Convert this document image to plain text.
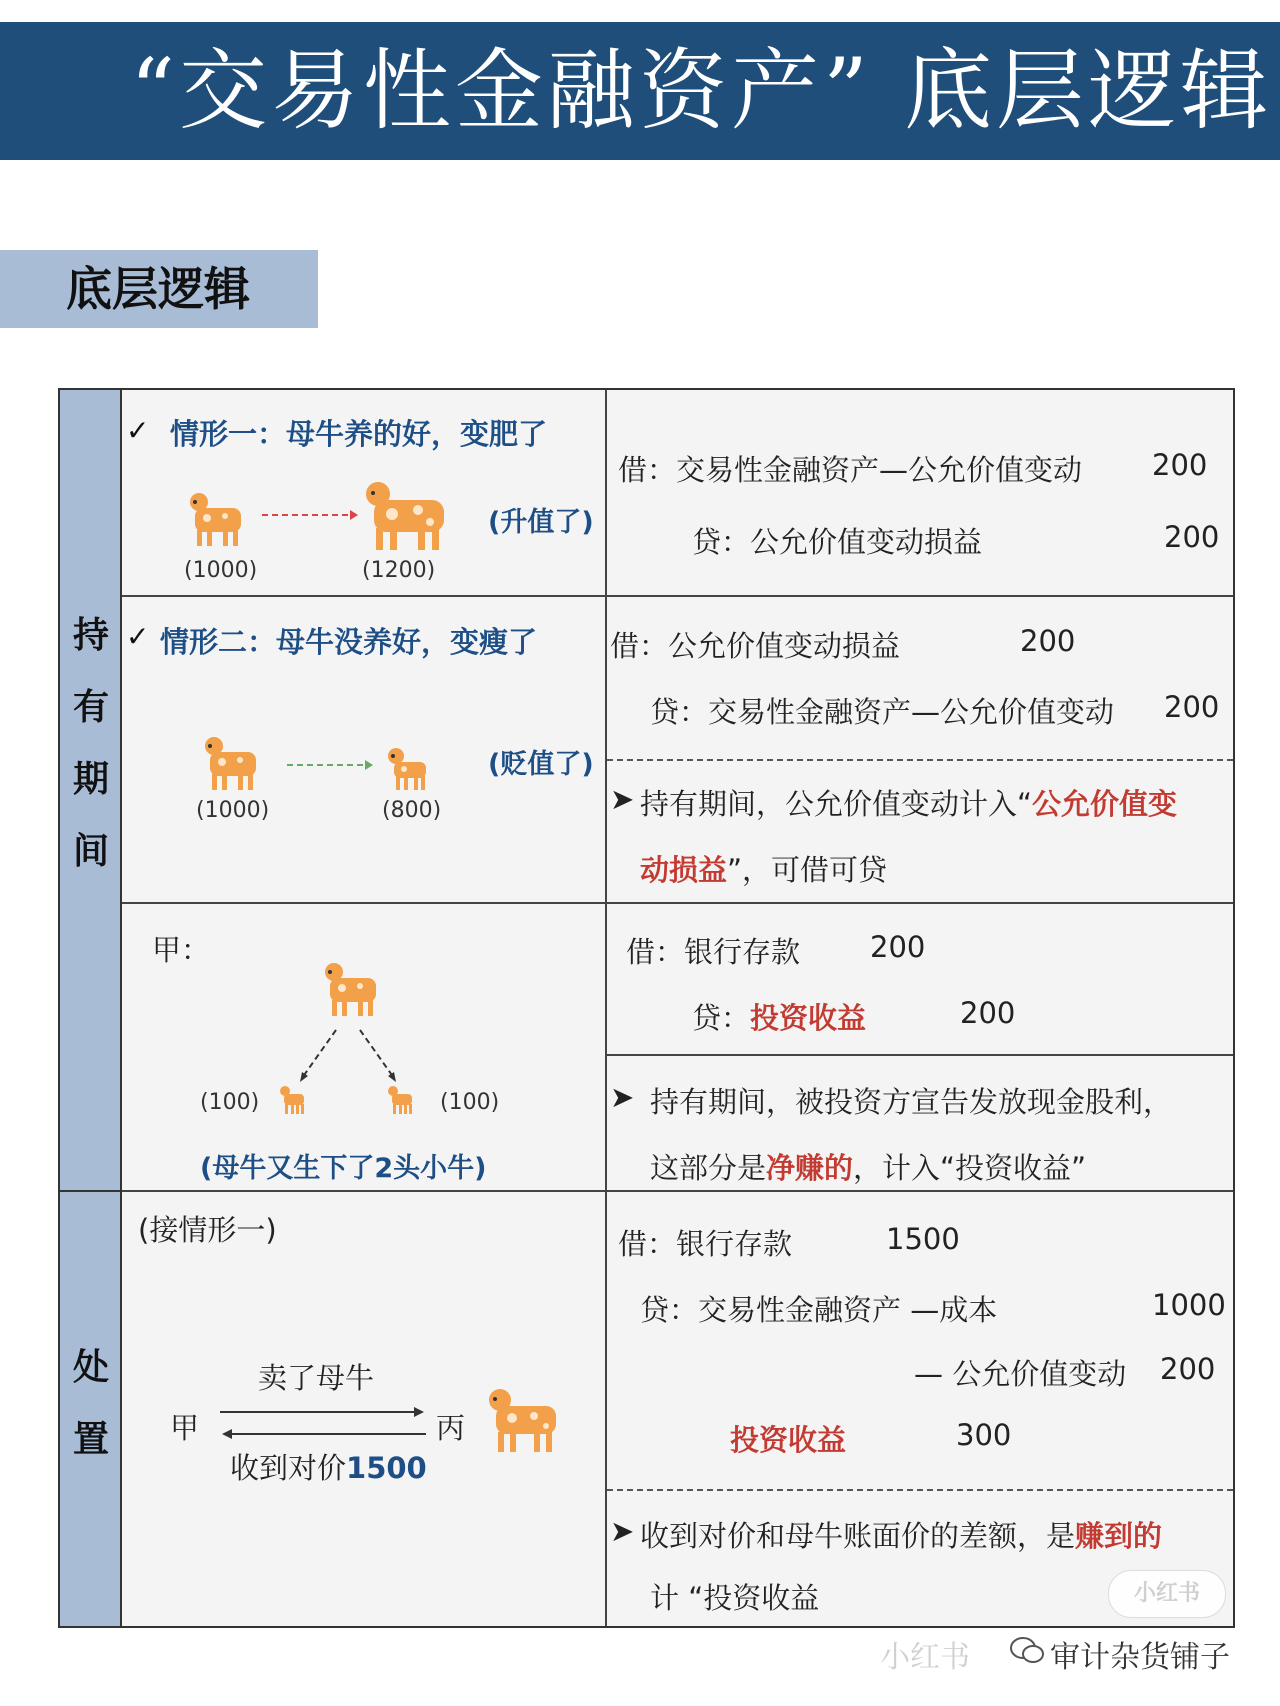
“交易性金融资产” 底层逻辑
底层逻辑
持
有
期
间
处
置
✓ 情形一：母牛养的好，变肥了
(1000)	(1200)
(升值了)
借：交易性金融资产—公允价值变动 200
贷：公允价值变动损益	200
✓ 情形二：母牛没养好，变瘦了
(1000)	(800)
(贬值了)
借：公允价值变动损益	200
贷：交易性金融资产—公允价值变动 200
➤ 持有期间，公允价值变动计入“公允价值变
动损益”，可借可贷
甲：
(100)	(100)
(母牛又生下了2头小牛)
借：银行存款 200
贷：投资收益	200
➤ 持有期间，被投资方宣告发放现金股利，
这部分是净赚的，计入“投资收益”
(接情形一)
甲
卖了母牛
丙
收到对价1500
借：银行存款	1500
贷：交易性金融资产 —成本	1000
— 公允价值变动 200
投资收益	300
➤ 收到对价和母牛账面价的差额，是赚到的
计 “投资收益	小红书
小红书	审计杂货铺子
